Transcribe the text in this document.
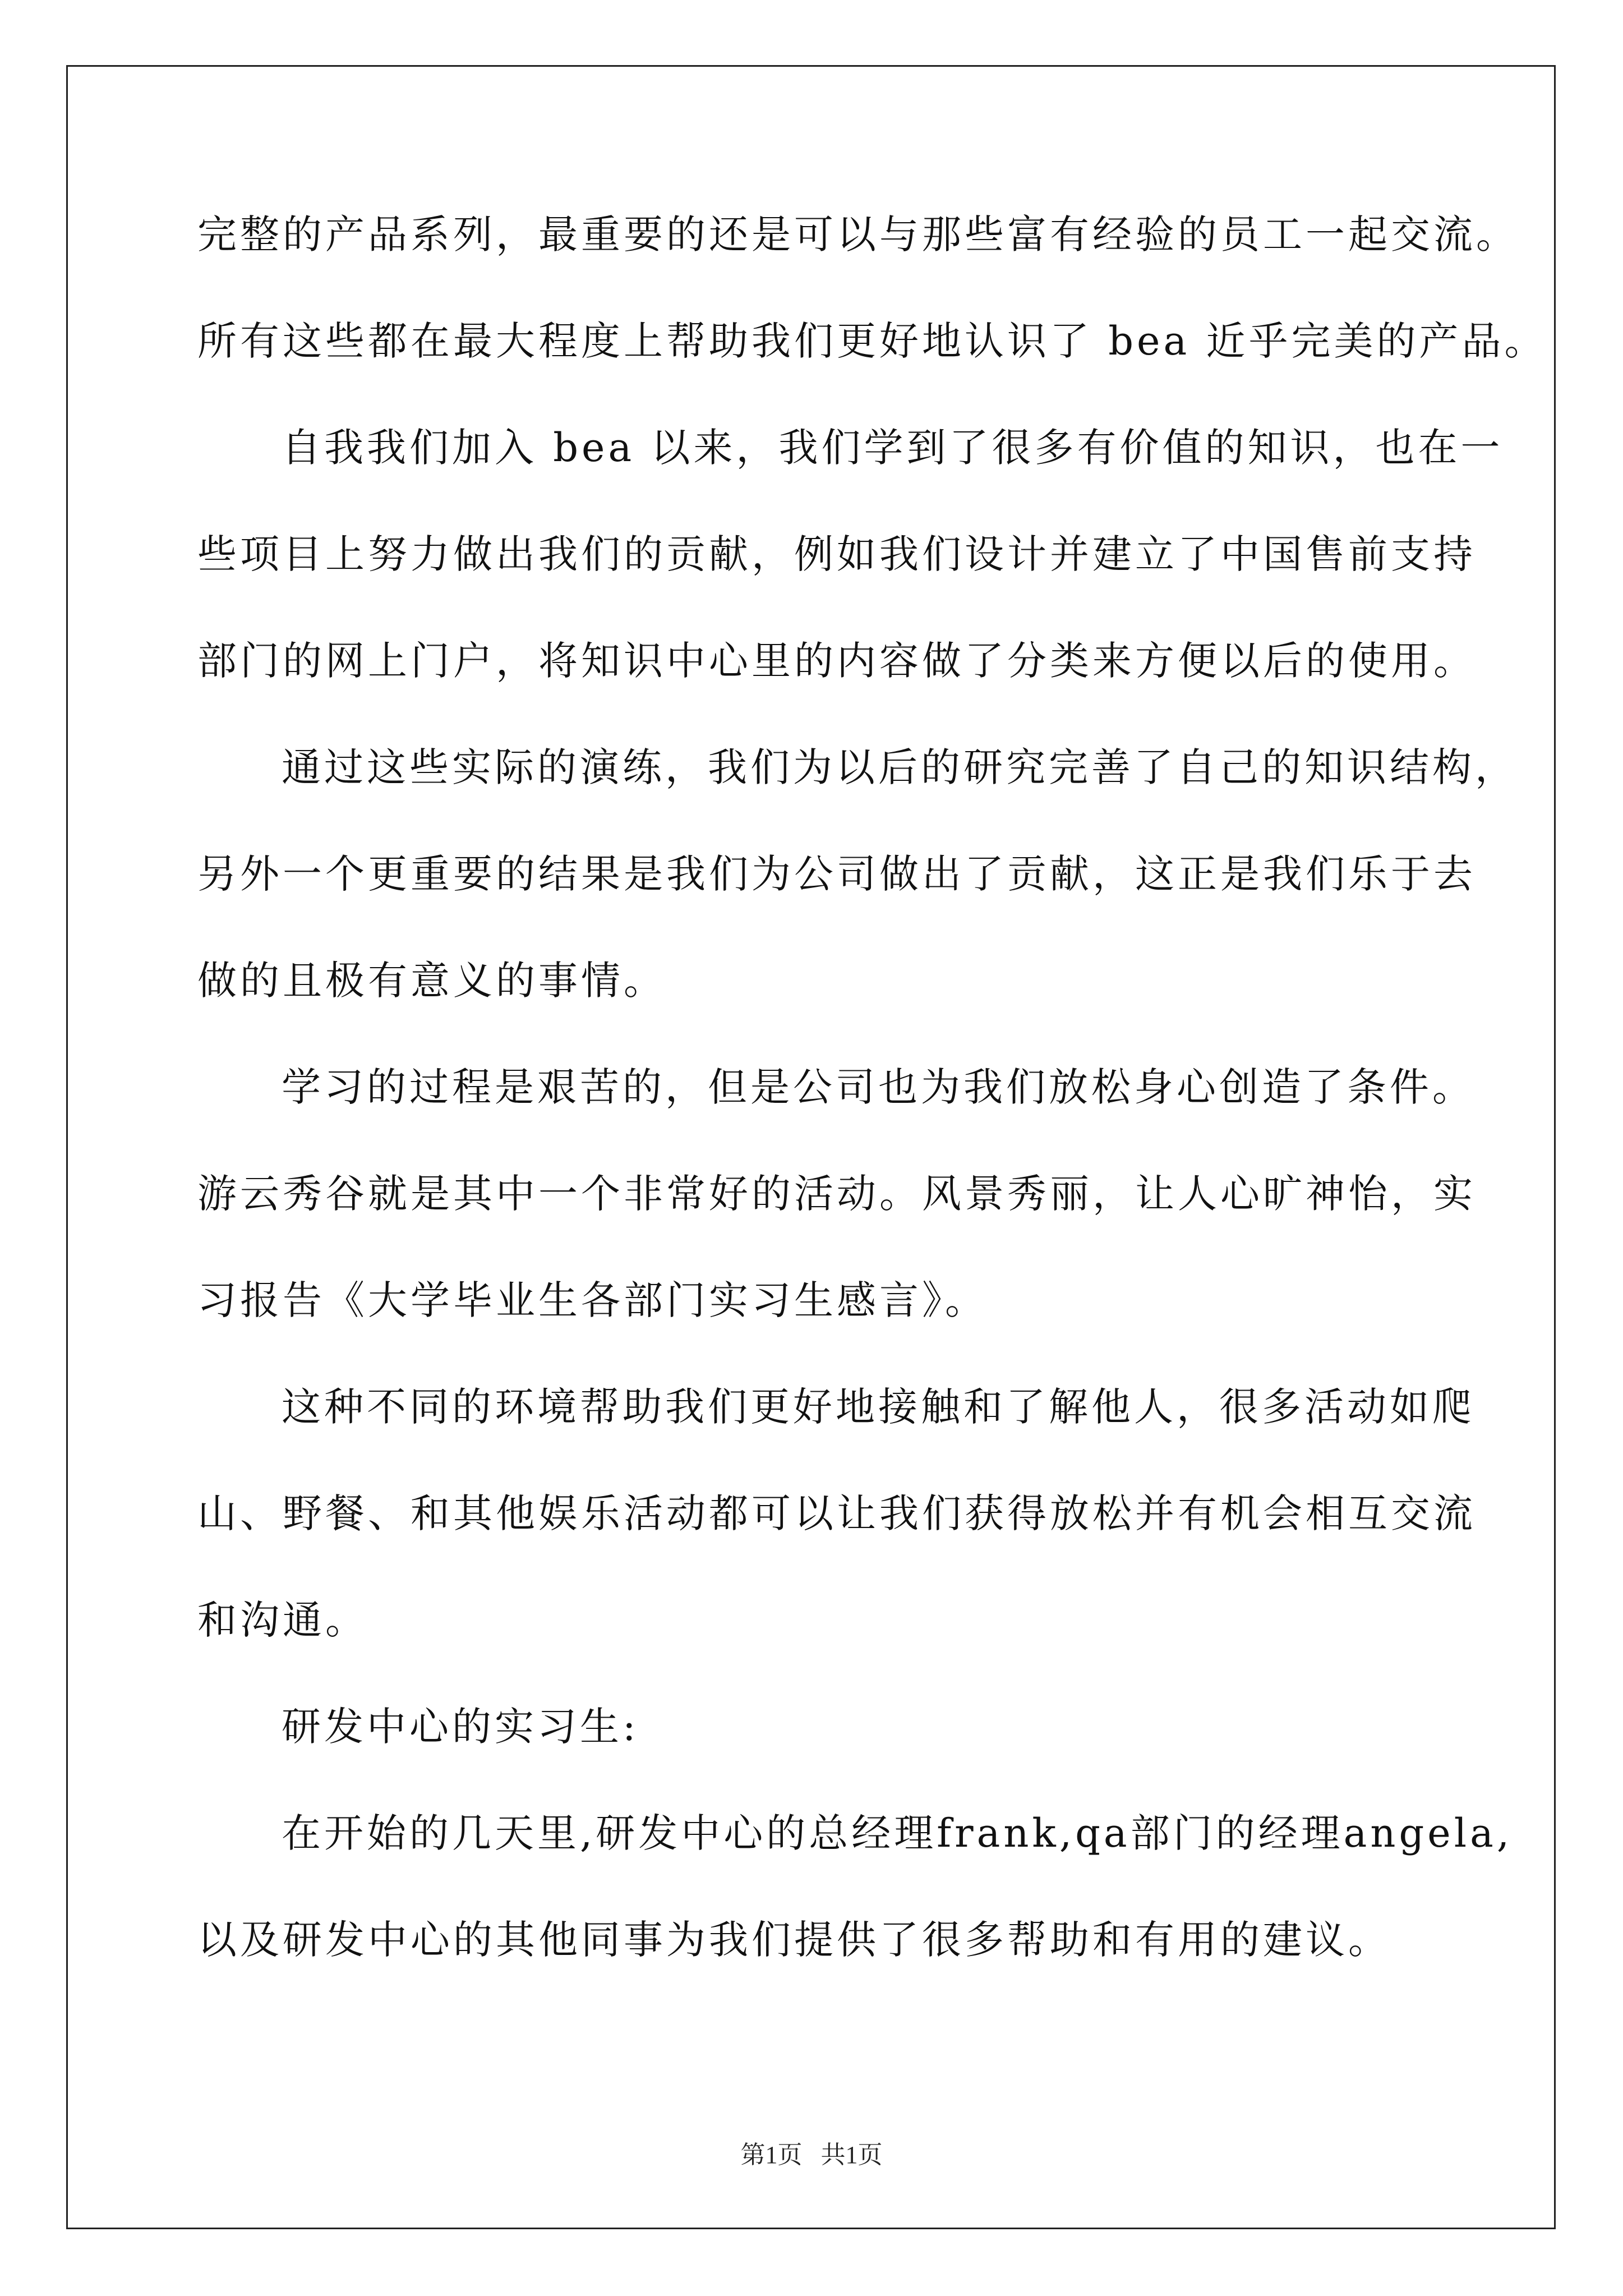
完整的产品系列，最重要的还是可以与那些富有经验的员工一起交流。
所有这些都在最大程度上帮助我们更好地认识了 bea 近乎完美的产品。
自我我们加入 bea 以来，我们学到了很多有价值的知识，也在一
些项目上努力做出我们的贡献，例如我们设计并建立了中国售前支持
部门的网上门户，将知识中心里的内容做了分类来方便以后的使用。
通过这些实际的演练，我们为以后的研究完善了自己的知识结构，
另外一个更重要的结果是我们为公司做出了贡献，这正是我们乐于去
做的且极有意义的事情。
学习的过程是艰苦的，但是公司也为我们放松身心创造了条件。
游云秀谷就是其中一个非常好的活动。风景秀丽，让人心旷神怡，实
习报告《大学毕业生各部门实习生感言》。
这种不同的环境帮助我们更好地接触和了解他人，很多活动如爬
山、野餐、和其他娱乐活动都可以让我们获得放松并有机会相互交流
和沟通。
研发中心的实习生:
在开始的几天里,研发中心的总经理frank,qa部门的经理angela,
以及研发中心的其他同事为我们提供了很多帮助和有用的建议。
第1页   共1页
